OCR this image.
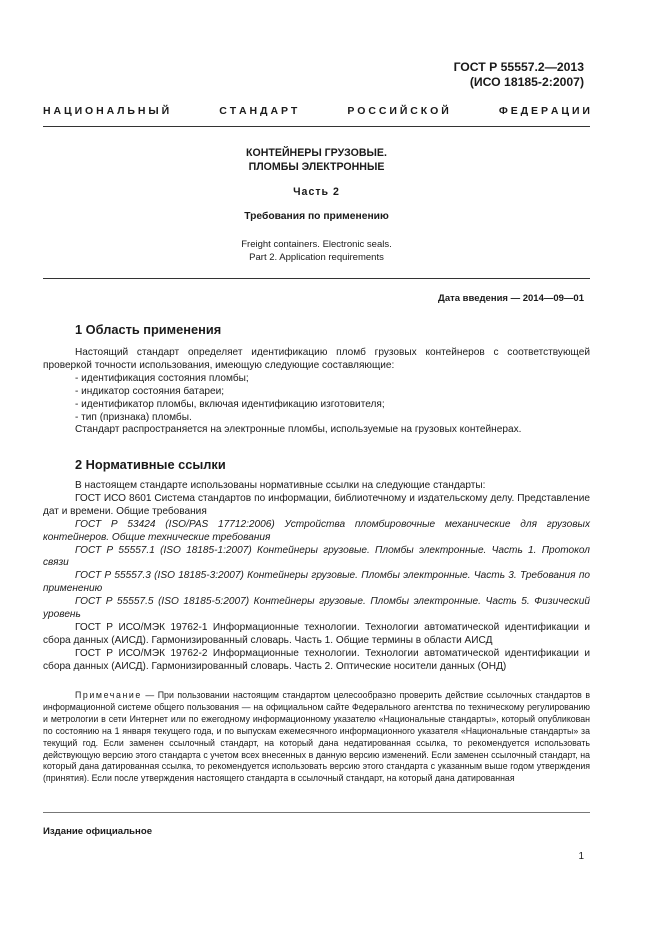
ГОСТ Р 55557.2—2013
(ИСО 18185-2:2007)
Н А Ц И О Н А Л Ь Н Ы Й	С Т А Н Д А Р Т	Р О С С И Й С К О Й	Ф Е Д Е Р А Ц И И
КОНТЕЙНЕРЫ ГРУЗОВЫЕ.
ПЛОМБЫ ЭЛЕКТРОННЫЕ
Часть 2
Требования по применению
Freight containers. Electronic seals.
Part 2. Application requirements
Дата введения — 2014—09—01
1 Область применения

Настоящий стандарт определяет идентификацию пломб грузовых контейнеров с соответствующей проверкой точности использования, имеющую следующие составляющие:

- идентификация состояния пломбы;

- индикатор состояния батареи;

- идентификатор пломбы, включая идентификацию изготовителя;

- тип (признака) пломбы.

Стандарт распространяется на электронные пломбы, используемые на грузовых контейнерах.

2 Нормативные ссылки

В настоящем стандарте использованы нормативные ссылки на следующие стандарты:

ГОСТ ИСО 8601 Система стандартов по информации, библиотечному и издательскому делу. Представление дат и времени. Общие требования

ГОСТ Р 53424 (ISO/PAS 17712:2006) Устройства пломбировочные механические для грузовых контейнеров. Общие технические требования

ГОСТ Р 55557.1 (ISO 18185-1:2007) Контейнеры грузовые. Пломбы электронные. Часть 1. Протокол связи

ГОСТ Р 55557.3 (ISO 18185-3:2007) Контейнеры грузовые. Пломбы электронные. Часть 3. Требования по применению

ГОСТ Р 55557.5 (ISO 18185-5:2007) Контейнеры грузовые. Пломбы электронные. Часть 5. Физический уровень

ГОСТ Р ИСО/МЭК 19762-1 Информационные технологии. Технологии автоматической идентификации и сбора данных (АИСД). Гармонизированный словарь. Часть 1. Общие термины в области АИСД

ГОСТ Р ИСО/МЭК 19762-2 Информационные технологии. Технологии автоматической идентификации и сбора данных (АИСД). Гармонизированный словарь. Часть 2. Оптические носители данных (ОНД)

Примечание — При пользовании настоящим стандартом целесообразно проверить действие ссылочных стандартов в информационной системе общего пользования — на официальном сайте Федерального агентства по техническому регулированию и метрологии в сети Интернет или по ежегодному информационному указателю «Национальные стандарты», который опубликован по состоянию на 1 января текущего года, и по выпускам ежемесячного информационного указателя «Национальные стандарты» за текущий год. Если заменен ссылочный стандарт, на который дана недатированная ссылка, то рекомендуется использовать действующую версию этого стандарта с учетом всех внесенных в данную версию изменений. Если заменен ссылочный стандарт, на который дана датированная ссылка, то рекомендуется использовать версию этого стандарта с указанным выше годом утверждения (принятия). Если после утверждения настоящего стандарта в ссылочный стандарт, на который дана датированная
Издание официальное
1
